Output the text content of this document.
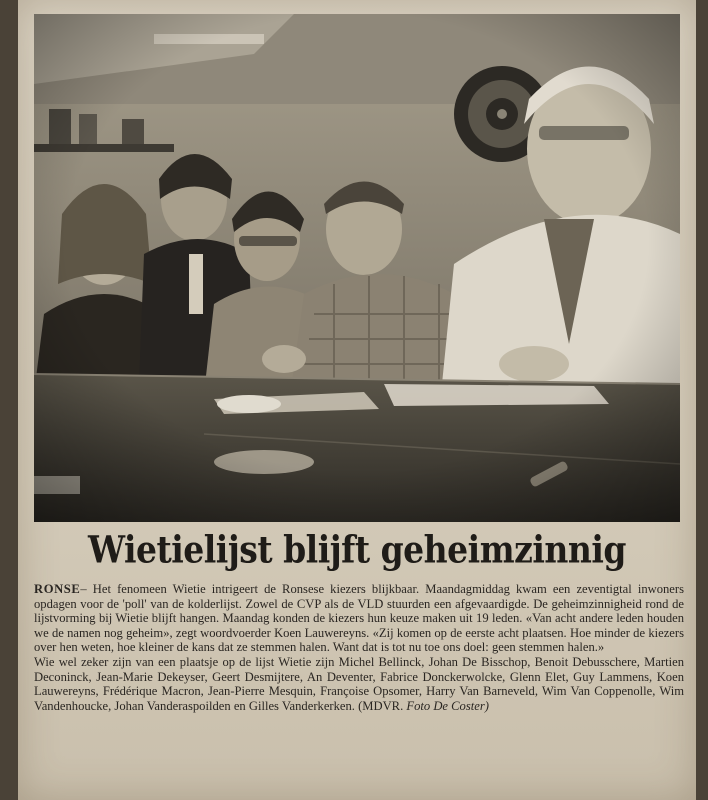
Wietielijst blijft geheimzinnig

RONSE– Het fenomeen Wietie intrigeert de Ronsese kiezers blijkbaar. Maandagmiddag kwam een zeventigtal inwoners opdagen voor de 'poll' van de kolderlijst. Zowel de CVP als de VLD stuurden een afgevaardigde. De geheimzinnigheid rond de lijstvorming bij Wietie blijft hangen. Maandag konden de kiezers hun keuze maken uit 19 leden. «Van acht andere leden houden we de namen nog geheim», zegt woordvoerder Koen Lauwereyns. «Zij komen op de eerste acht plaatsen. Hoe minder de kiezers over hen weten, hoe kleiner de kans dat ze stemmen halen. Want dat is tot nu toe ons doel: geen stemmen halen.»

Wie wel zeker zijn van een plaatsje op de lijst Wietie zijn Michel Bellinck, Johan De Bisschop, Benoit Debusschere, Martien Deconinck, Jean-Marie Dekeyser, Geert Desmijtere, An Deventer, Fabrice Donckerwolcke, Glenn Elet, Guy Lammens, Koen Lauwereyns, Frédérique Macron, Jean-Pierre Mesquin, Françoise Opsomer, Harry Van Barneveld, Wim Van Coppenolle, Wim Vandenhoucke, Johan Vanderaspoilden en Gilles Vanderkerken. (MDVR. Foto De Coster)
